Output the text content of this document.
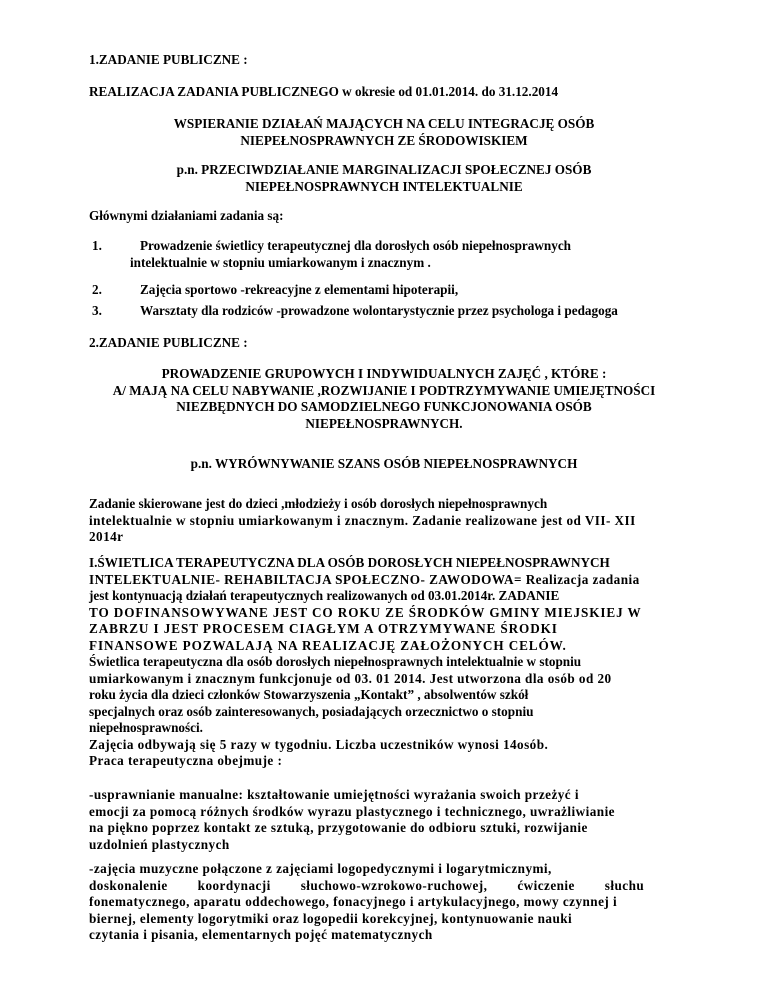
1.ZADANIE PUBLICZNE :

REALIZACJA ZADANIA PUBLICZNEGO w okresie od 01.01.2014. do 31.12.2014

WSPIERANIE DZIAŁAŃ MAJĄCYCH NA CELU INTEGRACJĘ OSÓB
NIEPEŁNOSPRAWNYCH ZE ŚRODOWISKIEM
p.n. PRZECIWDZIAŁANIE MARGINALIZACJI SPOŁECZNEJ OSÓB
NIEPEŁNOSPRAWNYCH INTELEKTUALNIE

Głównymi działaniami zadania są:

1.	Prowadzenie świetlicy terapeutycznej dla dorosłych osób niepełnosprawnych
intelektualnie w stopniu umiarkowanym i znacznym .
2.	Zajęcia sportowo -rekreacyjne z elementami hipoterapii,
3.	Warsztaty dla rodziców -prowadzone wolontarystycznie przez psychologa i pedagoga

2.ZADANIE PUBLICZNE :

PROWADZENIE GRUPOWYCH I INDYWIDUALNYCH ZAJĘĆ , KTÓRE :
A/ MAJĄ NA CELU NABYWANIE ,ROZWIJANIE I PODTRZYMYWANIE UMIEJĘTNOŚCI
NIEZBĘDNYCH DO SAMODZIELNEGO FUNKCJONOWANIA OSÓB
NIEPEŁNOSPRAWNYCH.

p.n. WYRÓWNYWANIE SZANS OSÓB NIEPEŁNOSPRAWNYCH

Zadanie skierowane jest do dzieci ,młodzieży i osób dorosłych niepełnosprawnych
intelektualnie w stopniu umiarkowanym i znacznym. Zadanie realizowane jest od VII- XII
2014r
I.ŚWIETLICA TERAPEUTYCZNA DLA OSÓB DOROSŁYCH NIEPEŁNOSPRAWNYCH
INTELEKTUALNIE- REHABILTACJA SPOŁECZNO- ZAWODOWA= Realizacja zadania
jest kontynuacją działań terapeutycznych realizowanych od 03.01.2014r. ZADANIE
TO DOFINANSOWYWANE JEST CO ROKU ZE ŚRODKÓW GMINY MIEJSKIEJ W
ZABRZU I JEST PROCESEM CIAGŁYM A OTRZYMYWANE ŚRODKI
FINANSOWE POZWALAJĄ NA REALIZACJĘ ZAŁOŻONYCH CELÓW.
Świetlica terapeutyczna dla osób dorosłych niepełnosprawnych intelektualnie w stopniu
umiarkowanym i znacznym funkcjonuje od 03. 01 2014. Jest utworzona dla osób od 20
roku życia dla dzieci członków Stowarzyszenia „Kontakt” , absolwentów szkół
specjalnych oraz osób zainteresowanych, posiadających orzecznictwo o stopniu
niepełnosprawności.
Zajęcia odbywają się 5 razy w tygodniu. Liczba uczestników wynosi 14osób.
Praca terapeutyczna obejmuje :
-usprawnianie manualne: kształtowanie umiejętności wyrażania swoich przeżyć i
emocji za pomocą różnych środków wyrazu plastycznego i technicznego, uwrażliwianie
na piękno poprzez kontakt ze sztuką, przygotowanie do odbioru sztuki, rozwijanie
uzdolnień plastycznych
-zajęcia muzyczne połączone z zajęciami logopedycznymi i logarytmicznymi,
doskonalenie        koordynacji        słuchowo-wzrokowo-ruchowej,        ćwiczenie        słuchu
fonematycznego, aparatu oddechowego, fonacyjnego i artykulacyjnego, mowy czynnej i
biernej, elementy logorytmiki oraz logopedii korekcyjnej, kontynuowanie nauki
czytania i pisania, elementarnych pojęć matematycznych
